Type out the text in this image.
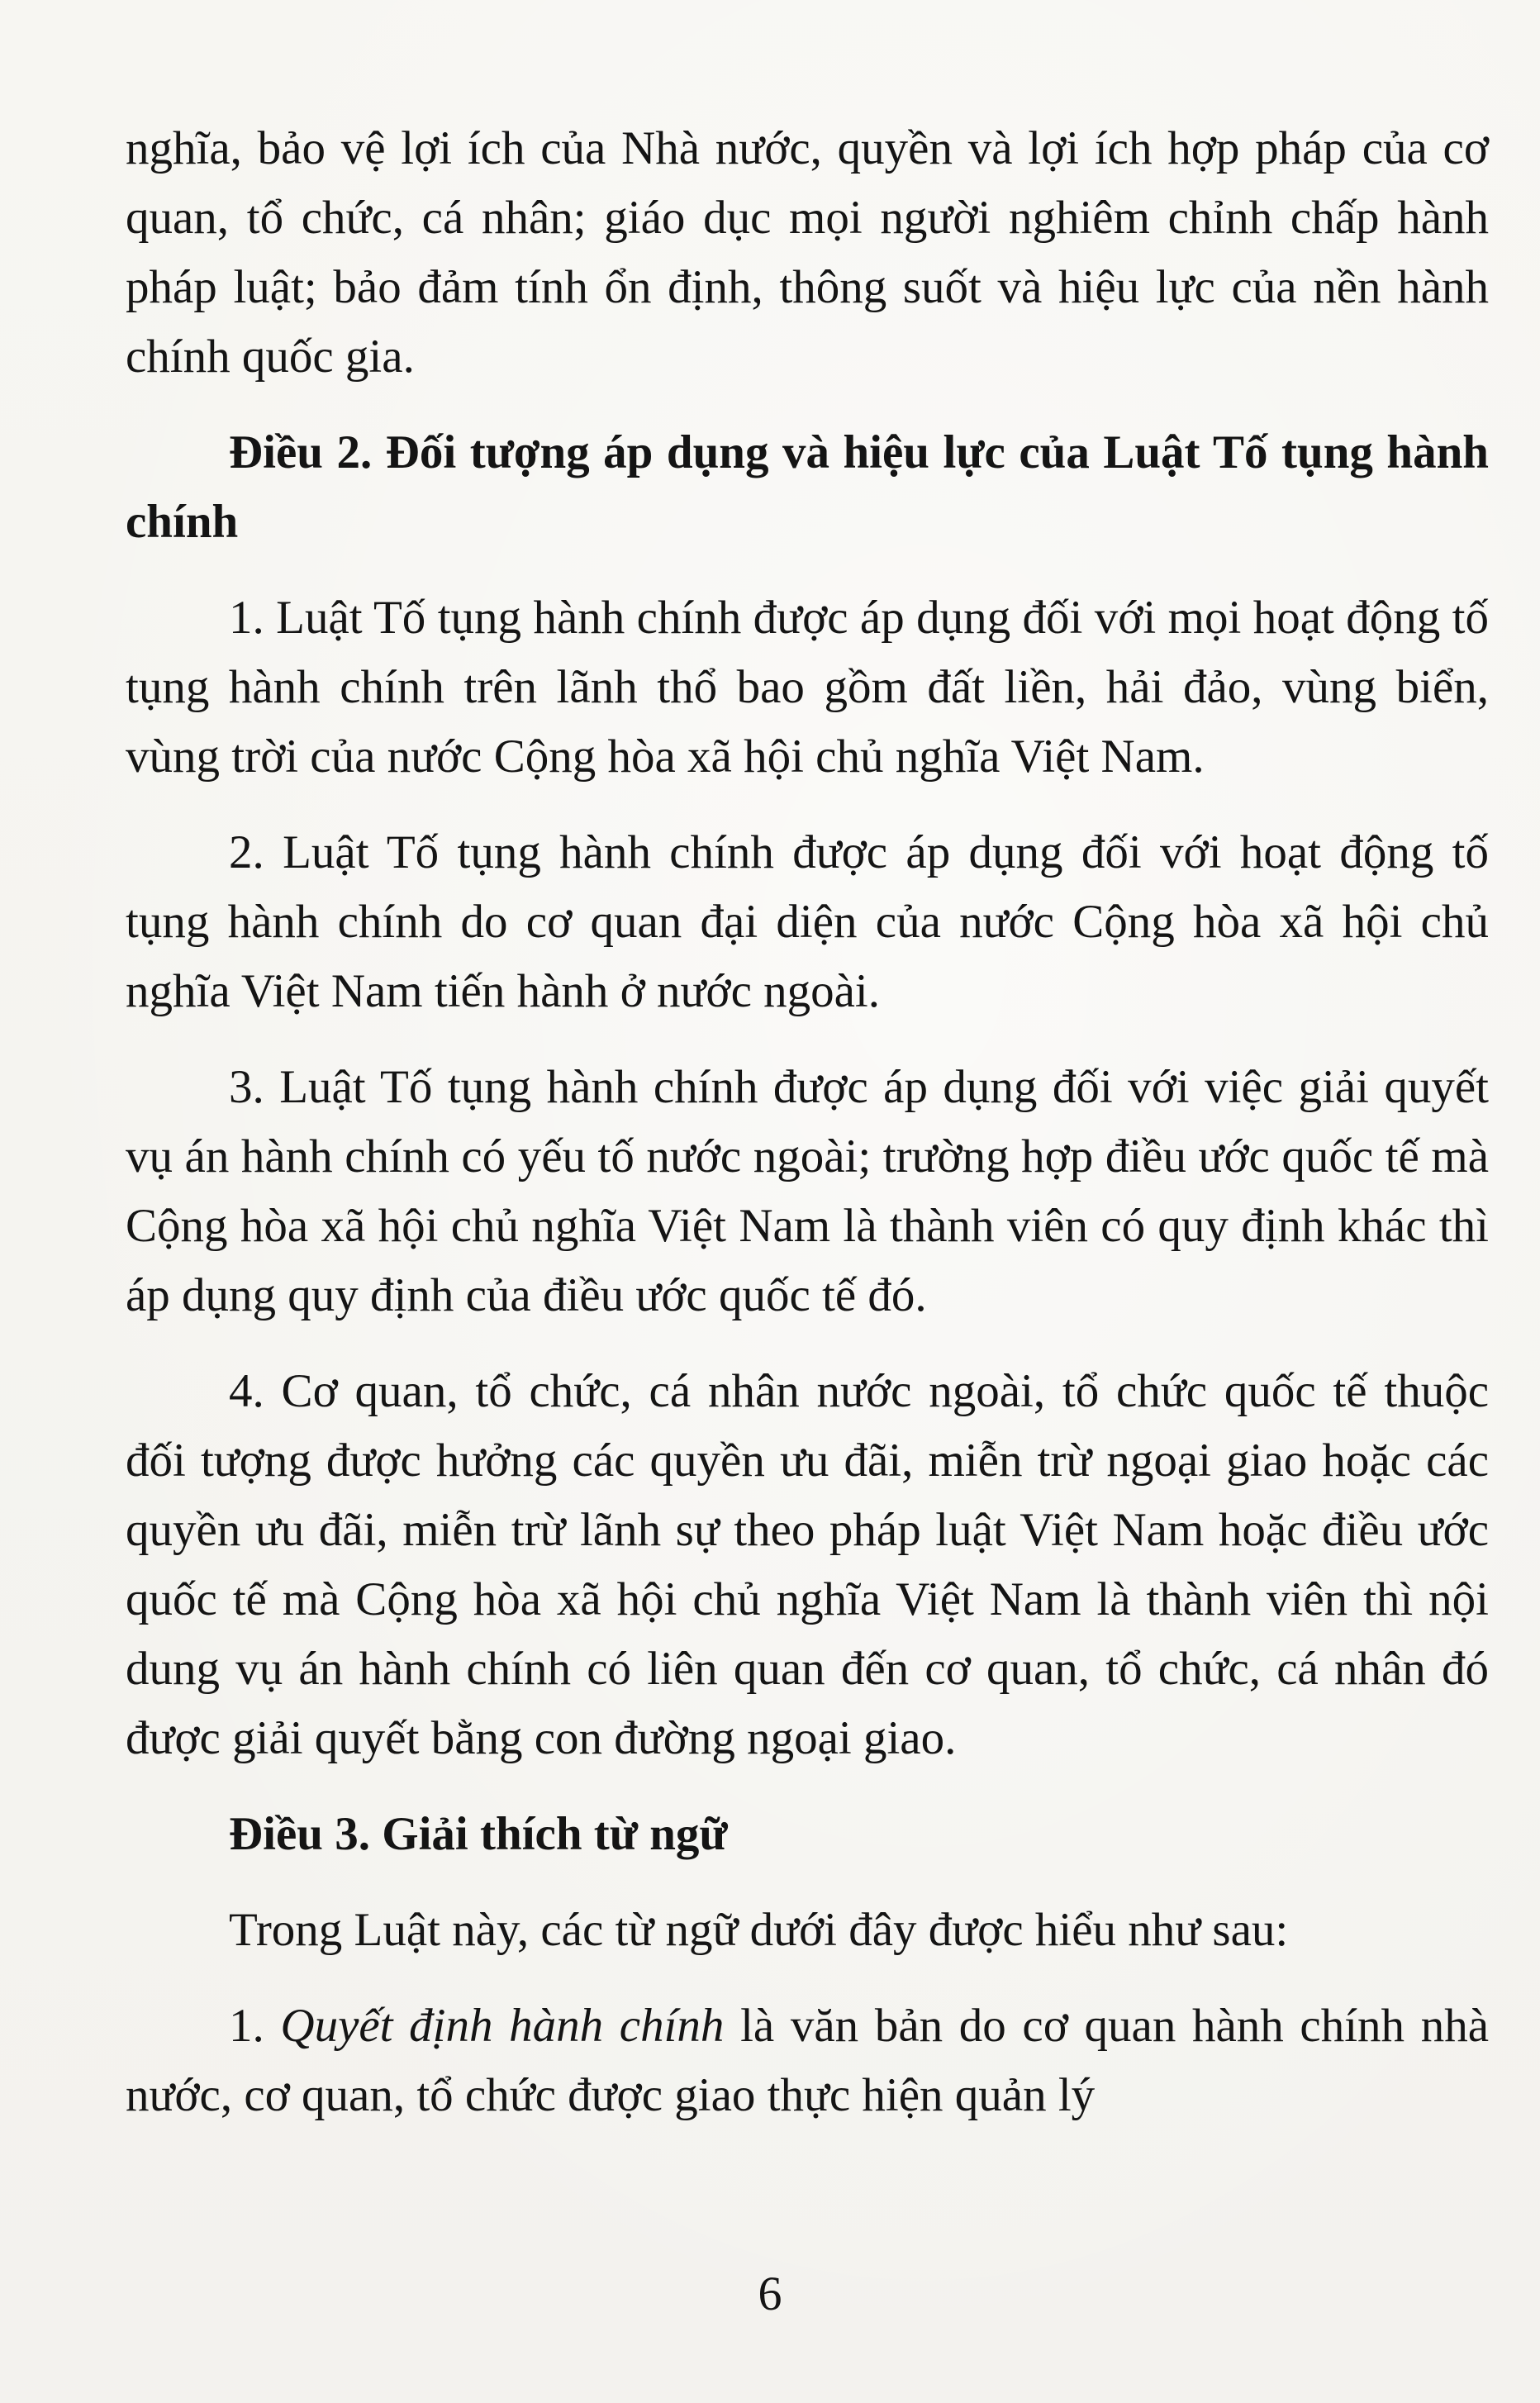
nghĩa, bảo vệ lợi ích của Nhà nước, quyền và lợi ích hợp pháp của cơ quan, tổ chức, cá nhân; giáo dục mọi người nghiêm chỉnh chấp hành pháp luật; bảo đảm tính ổn định, thông suốt và hiệu lực của nền hành chính quốc gia.

Điều 2. Đối tượng áp dụng và hiệu lực của Luật Tố tụng hành chính

1. Luật Tố tụng hành chính được áp dụng đối với mọi hoạt động tố tụng hành chính trên lãnh thổ bao gồm đất liền, hải đảo, vùng biển, vùng trời của nước Cộng hòa xã hội chủ nghĩa Việt Nam.

2. Luật Tố tụng hành chính được áp dụng đối với hoạt động tố tụng hành chính do cơ quan đại diện của nước Cộng hòa xã hội chủ nghĩa Việt Nam tiến hành ở nước ngoài.

3. Luật Tố tụng hành chính được áp dụng đối với việc giải quyết vụ án hành chính có yếu tố nước ngoài; trường hợp điều ước quốc tế mà Cộng hòa xã hội chủ nghĩa Việt Nam là thành viên có quy định khác thì áp dụng quy định của điều ước quốc tế đó.

4. Cơ quan, tổ chức, cá nhân nước ngoài, tổ chức quốc tế thuộc đối tượng được hưởng các quyền ưu đãi, miễn trừ ngoại giao hoặc các quyền ưu đãi, miễn trừ lãnh sự theo pháp luật Việt Nam hoặc điều ước quốc tế mà Cộng hòa xã hội chủ nghĩa Việt Nam là thành viên thì nội dung vụ án hành chính có liên quan đến cơ quan, tổ chức, cá nhân đó được giải quyết bằng con đường ngoại giao.

Điều 3. Giải thích từ ngữ

Trong Luật này, các từ ngữ dưới đây được hiểu như sau:

1. Quyết định hành chính là văn bản do cơ quan hành chính nhà nước, cơ quan, tổ chức được giao thực hiện quản lý

6
